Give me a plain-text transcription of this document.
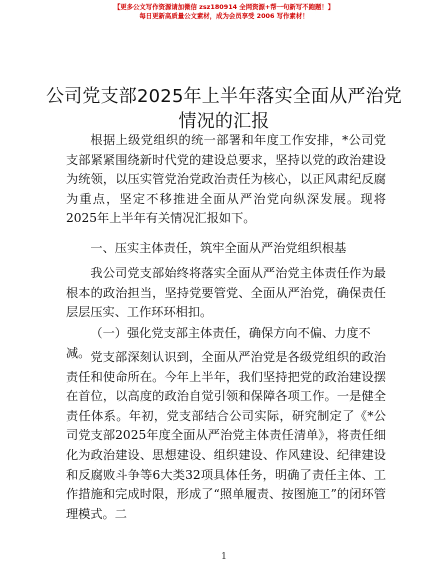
【更多公文写作资源请加微信 zsz180914 全网资源+帮一句新写不跑题！】
每日更新高质量公文素材，成为会员享受 2006 写作素材！
公司党支部2025年上半年落实全面从严治党情况的汇报
根据上级党组织的统一部署和年度工作安排，*公司党支部紧紧围绕新时代党的建设总要求，坚持以党的政治建设为统领，以压实管党治党政治责任为核心，以正风肃纪反腐为重点，坚定不移推进全面从严治党向纵深发展。现将2025年上半年有关情况汇报如下。
一、压实主体责任，筑牢全面从严治党组织根基
我公司党支部始终将落实全面从严治党主体责任作为最根本的政治担当，坚持党要管党、全面从严治党，确保责任层层压实、工作环环相扣。
（一）强化党支部主体责任，确保方向不偏、力度不减。 党支部深刻认识到，全面从严治党是各级党组织的政治责任和使命所在。今年上半年，我们坚持把党的政治建设摆在首位，以高度的政治自觉引领和保障各项工作。一是健全责任体系。年初，党支部结合公司实际，研究制定了《*公司党支部2025年度全面从严治党主体责任清单》，将责任细化为政治建设、思想建设、组织建设、作风建设、纪律建设和反腐败斗争等6大类32项具体任务，明确了责任主体、工作措施和完成时限，形成了“照单履责、按图施工”的闭环管理模式。二
1
